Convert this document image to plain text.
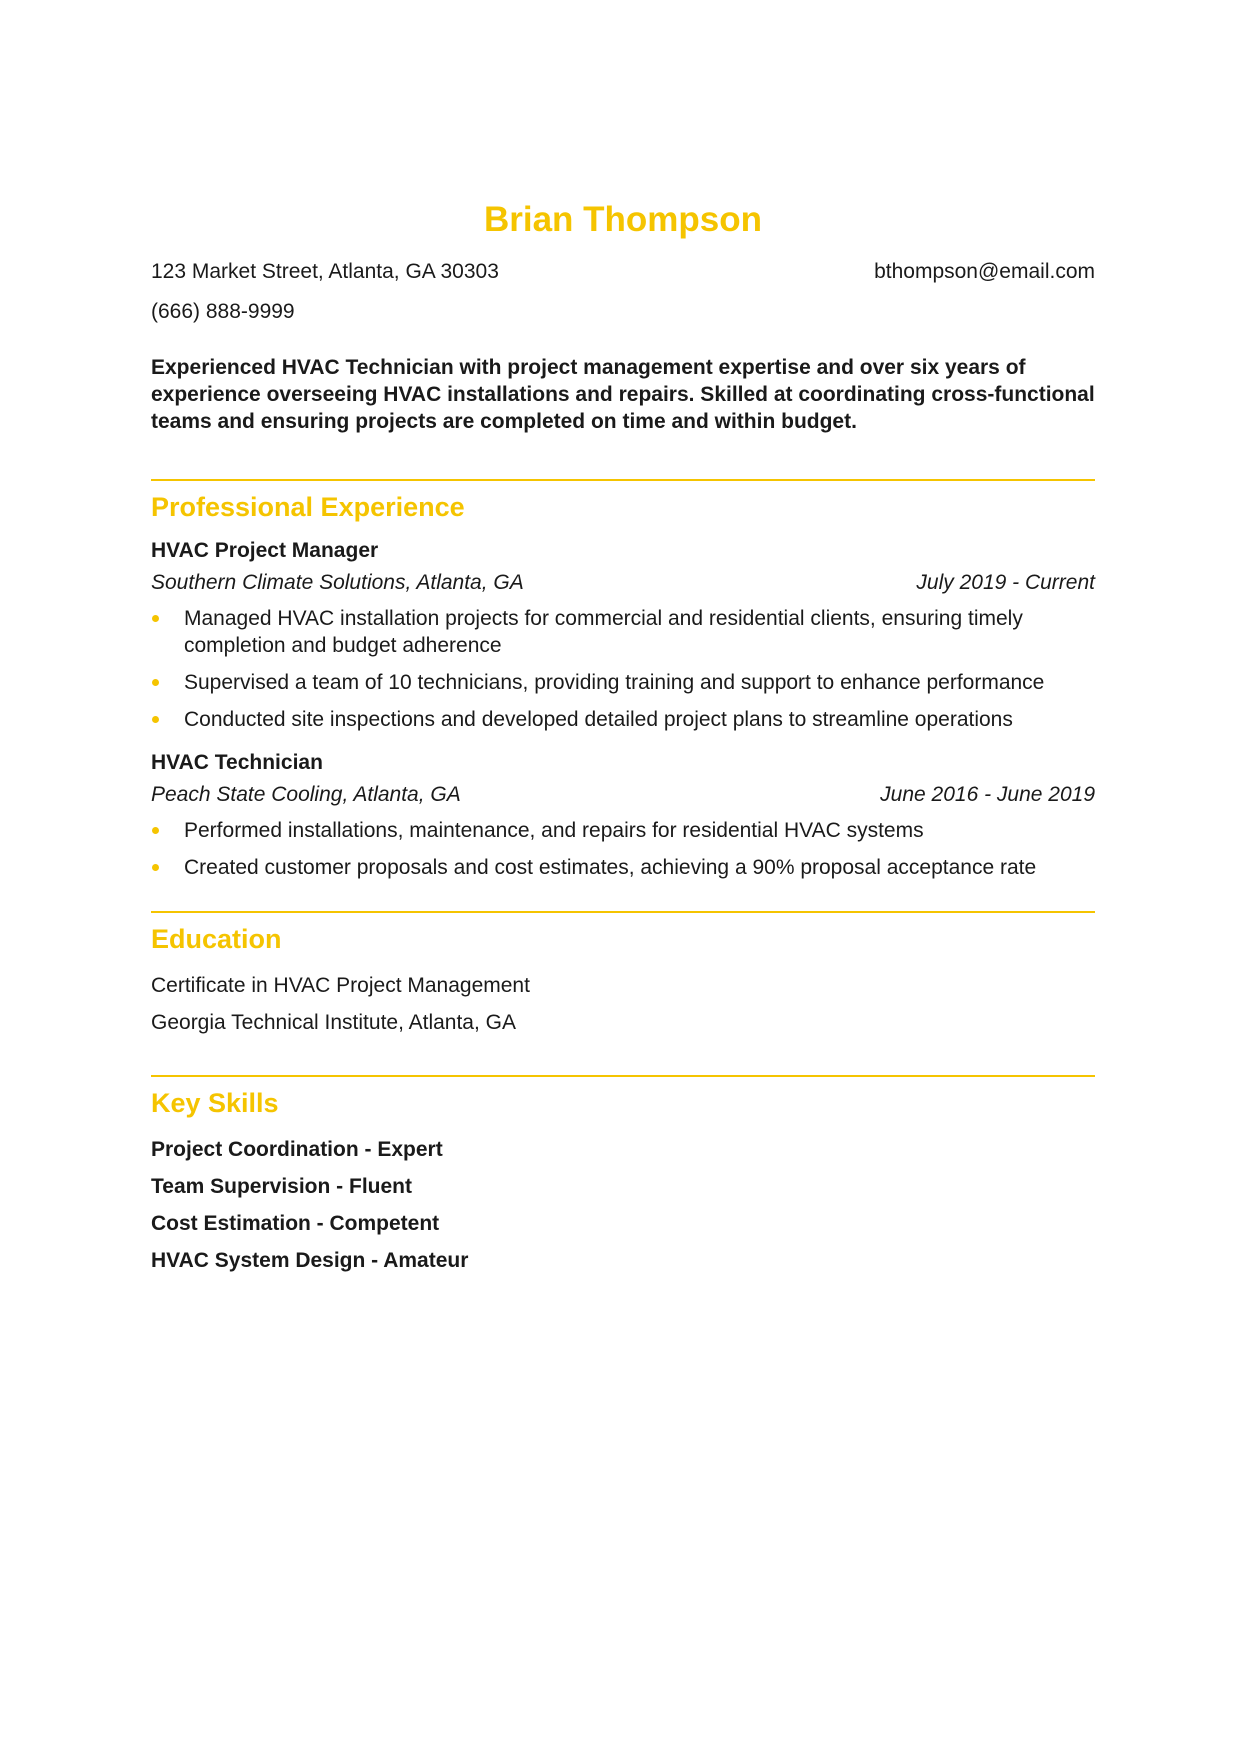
Brian Thompson
123 Market Street, Atlanta, GA 30303	bthompson@email.com
(666) 888-9999
Experienced HVAC Technician with project management expertise and over six years of experience overseeing HVAC installations and repairs. Skilled at coordinating cross-functional teams and ensuring projects are completed on time and within budget.
Professional Experience
HVAC Project Manager
Southern Climate Solutions, Atlanta, GA	July 2019 - Current
Managed HVAC installation projects for commercial and residential clients, ensuring timely completion and budget adherence
Supervised a team of 10 technicians, providing training and support to enhance performance
Conducted site inspections and developed detailed project plans to streamline operations
HVAC Technician
Peach State Cooling, Atlanta, GA	June 2016 - June 2019
Performed installations, maintenance, and repairs for residential HVAC systems
Created customer proposals and cost estimates, achieving a 90% proposal acceptance rate
Education
Certificate in HVAC Project Management
Georgia Technical Institute, Atlanta, GA
Key Skills
Project Coordination - Expert
Team Supervision - Fluent
Cost Estimation - Competent
HVAC System Design - Amateur
